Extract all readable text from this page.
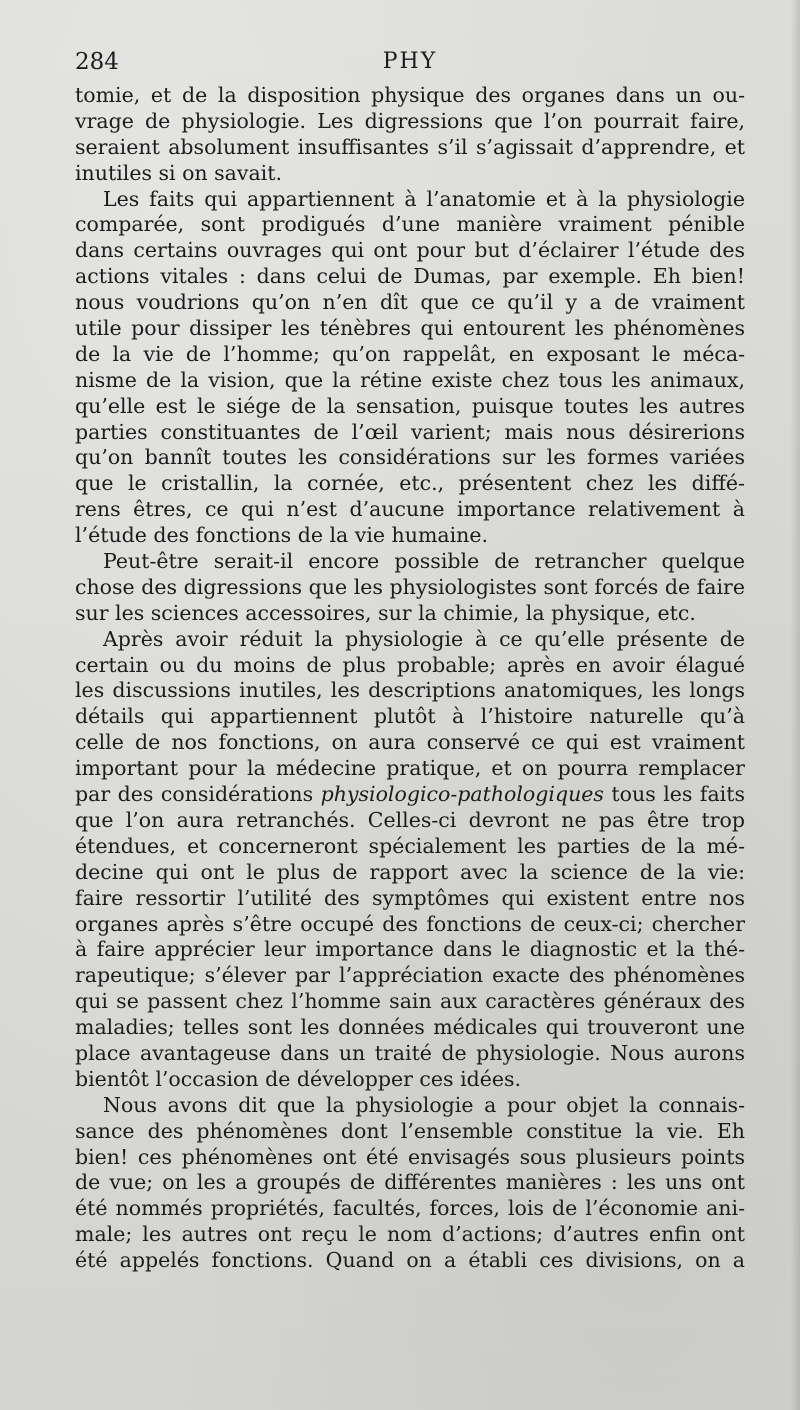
284	PHY
tomie, et de la disposition physique des organes dans un ou-
vrage de physiologie. Les digressions que l’on pourrait faire,
seraient absolument insuffisantes s’il s’agissait d’apprendre, et
inutiles si on savait.
Les faits qui appartiennent à l’anatomie et à la physiologie
comparée, sont prodigués d’une manière vraiment pénible
dans certains ouvrages qui ont pour but d’éclairer l’étude des
actions vitales : dans celui de Dumas, par exemple. Eh bien!
nous voudrions qu’on n’en dît que ce qu’il y a de vraiment
utile pour dissiper les ténèbres qui entourent les phénomènes
de la vie de l’homme; qu’on rappelât, en exposant le méca-
nisme de la vision, que la rétine existe chez tous les animaux,
qu’elle est le siége de la sensation, puisque toutes les autres
parties constituantes de l’œil varient; mais nous désirerions
qu’on bannît toutes les considérations sur les formes variées
que le cristallin, la cornée, etc., présentent chez les diffé-
rens êtres, ce qui n’est d’aucune importance relativement à
l’étude des fonctions de la vie humaine.
Peut-être serait-il encore possible de retrancher quelque
chose des digressions que les physiologistes sont forcés de faire
sur les sciences accessoires, sur la chimie, la physique, etc.
Après avoir réduit la physiologie à ce qu’elle présente de
certain ou du moins de plus probable; après en avoir élagué
les discussions inutiles, les descriptions anatomiques, les longs
détails qui appartiennent plutôt à l’histoire naturelle qu’à
celle de nos fonctions, on aura conservé ce qui est vraiment
important pour la médecine pratique, et on pourra remplacer
par des considérations physiologico-pathologiques tous les faits
que l’on aura retranchés. Celles-ci devront ne pas être trop
étendues, et concerneront spécialement les parties de la mé-
decine qui ont le plus de rapport avec la science de la vie:
faire ressortir l’utilité des symptômes qui existent entre nos
organes après s’être occupé des fonctions de ceux-ci; chercher
à faire apprécier leur importance dans le diagnostic et la thé-
rapeutique; s’élever par l’appréciation exacte des phénomènes
qui se passent chez l’homme sain aux caractères généraux des
maladies; telles sont les données médicales qui trouveront une
place avantageuse dans un traité de physiologie. Nous aurons
bientôt l’occasion de développer ces idées.
Nous avons dit que la physiologie a pour objet la connais-
sance des phénomènes dont l’ensemble constitue la vie. Eh
bien! ces phénomènes ont été envisagés sous plusieurs points
de vue; on les a groupés de différentes manières : les uns ont
été nommés propriétés, facultés, forces, lois de l’économie ani-
male; les autres ont reçu le nom d’actions; d’autres enfin ont
été appelés fonctions. Quand on a établi ces divisions, on a
